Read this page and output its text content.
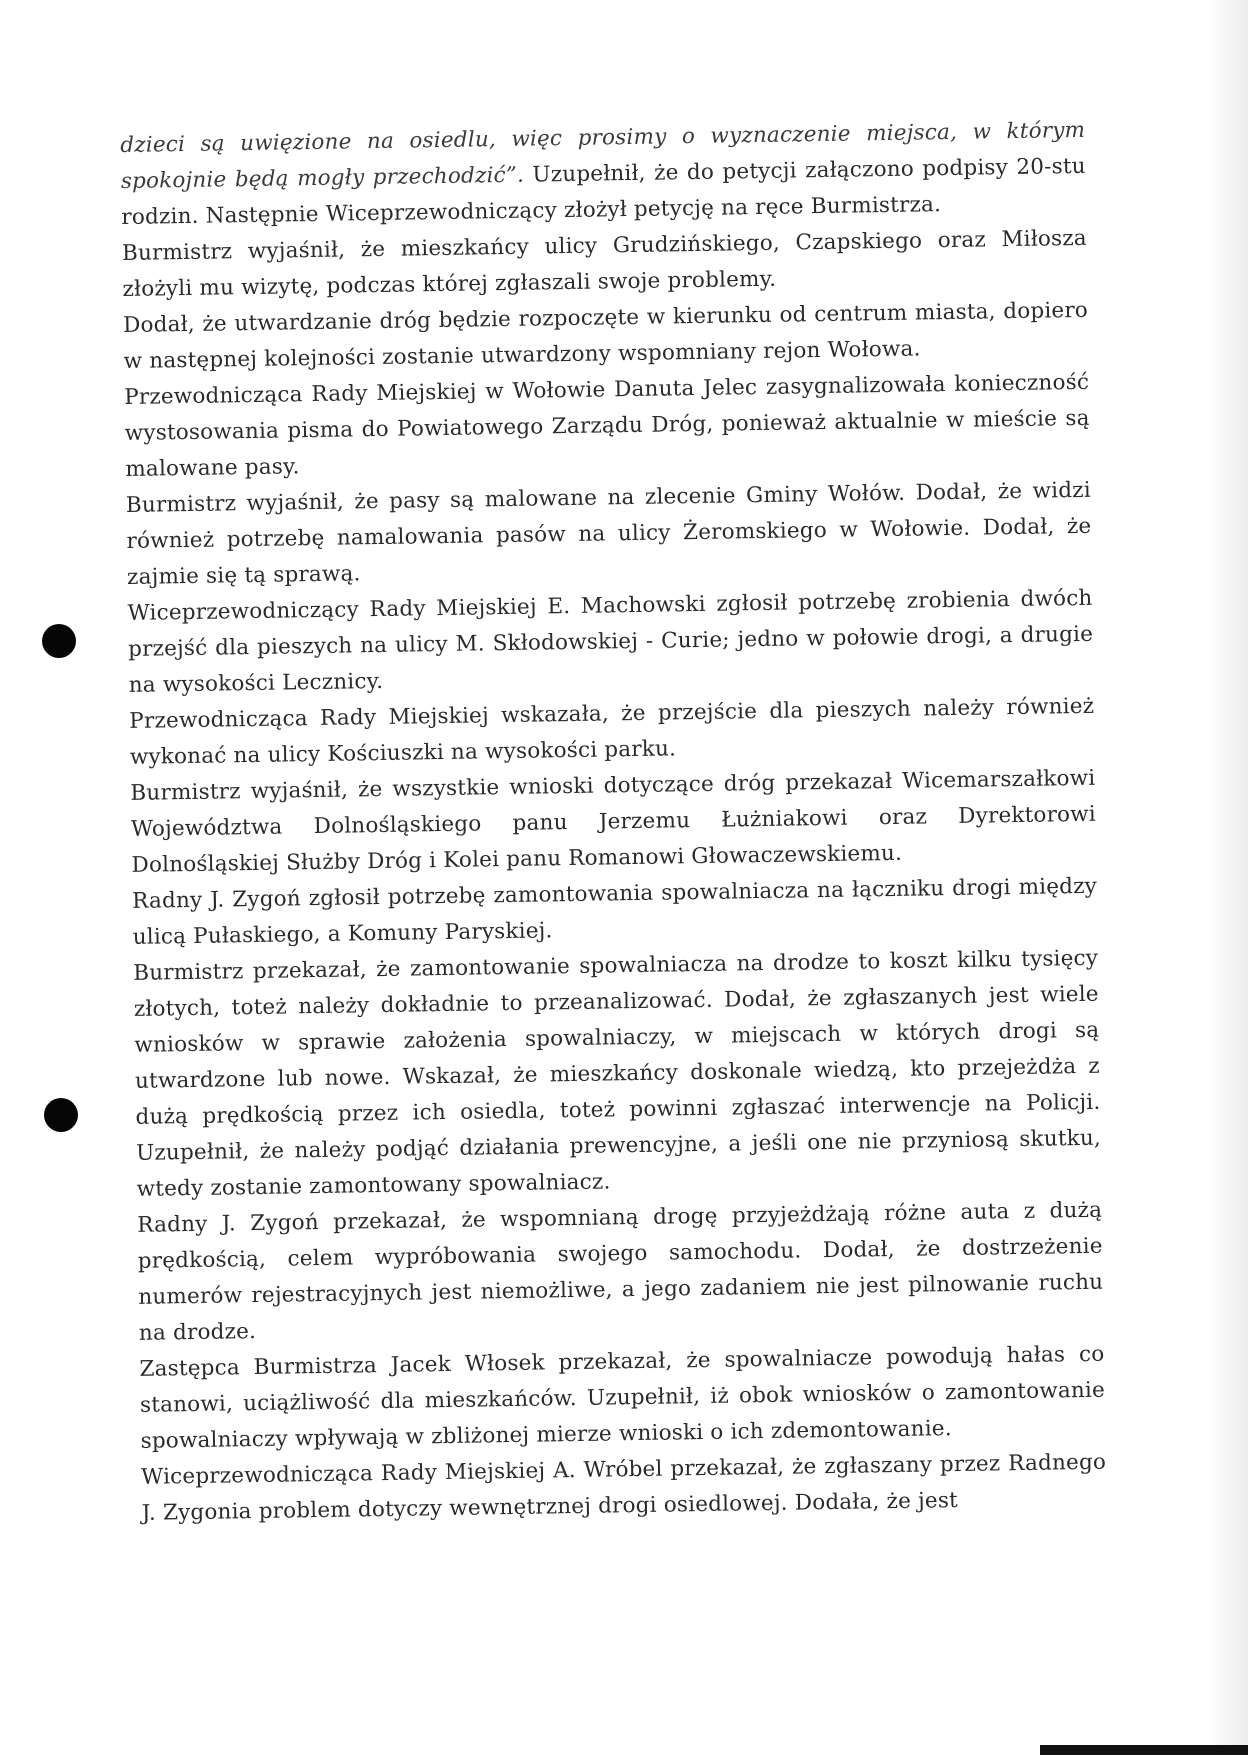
dzieci są uwięzione na osiedlu, więc prosimy o wyznaczenie miejsca, w którym spokojnie będą mogły przechodzić”. Uzupełnił, że do petycji załączono podpisy 20-stu rodzin. Następnie Wiceprzewodniczący złożył petycję na ręce Burmistrza.

Burmistrz wyjaśnił, że mieszkańcy ulicy Grudzińskiego, Czapskiego oraz Miłosza złożyli mu wizytę, podczas której zgłaszali swoje problemy.

Dodał, że utwardzanie dróg będzie rozpoczęte w kierunku od centrum miasta, dopiero w następnej kolejności zostanie utwardzony wspomniany rejon Wołowa.

Przewodnicząca Rady Miejskiej w Wołowie Danuta Jelec zasygnalizowała konieczność wystosowania pisma do Powiatowego Zarządu Dróg, ponieważ aktualnie w mieście są malowane pasy.

Burmistrz wyjaśnił, że pasy są malowane na zlecenie Gminy Wołów. Dodał, że widzi również potrzebę namalowania pasów na ulicy Żeromskiego w Wołowie. Dodał, że zajmie się tą sprawą.

Wiceprzewodniczący Rady Miejskiej E. Machowski zgłosił potrzebę zrobienia dwóch przejść dla pieszych na ulicy M. Skłodowskiej - Curie; jedno w połowie drogi, a drugie na wysokości Lecznicy.

Przewodnicząca Rady Miejskiej wskazała, że przejście dla pieszych należy również wykonać na ulicy Kościuszki na wysokości parku.

Burmistrz wyjaśnił, że wszystkie wnioski dotyczące dróg przekazał Wicemarszałkowi Województwa Dolnośląskiego panu Jerzemu Łużniakowi oraz Dyrektorowi Dolnośląskiej Służby Dróg i Kolei panu Romanowi Głowaczewskiemu.

Radny J. Zygoń zgłosił potrzebę zamontowania spowalniacza na łączniku drogi między ulicą Pułaskiego, a Komuny Paryskiej.

Burmistrz przekazał, że zamontowanie spowalniacza na drodze to koszt kilku tysięcy złotych, toteż należy dokładnie to przeanalizować. Dodał, że zgłaszanych jest wiele wniosków w sprawie założenia spowalniaczy, w miejscach w których drogi są utwardzone lub nowe. Wskazał, że mieszkańcy doskonale wiedzą, kto przejeżdża z dużą prędkością przez ich osiedla, toteż powinni zgłaszać interwencje na Policji. Uzupełnił, że należy podjąć działania prewencyjne, a jeśli one nie przyniosą skutku, wtedy zostanie zamontowany spowalniacz.

Radny J. Zygoń przekazał, że wspomnianą drogę przyjeżdżają różne auta z dużą prędkością, celem wypróbowania swojego samochodu. Dodał, że dostrzeżenie numerów rejestracyjnych jest niemożliwe, a jego zadaniem nie jest pilnowanie ruchu na drodze.

Zastępca Burmistrza Jacek Włosek przekazał, że spowalniacze powodują hałas co stanowi, uciążliwość dla mieszkańców. Uzupełnił, iż obok wniosków o zamontowanie spowalniaczy wpływają w zbliżonej mierze wnioski o ich zdemontowanie.

Wiceprzewodnicząca Rady Miejskiej A. Wróbel przekazał, że zgłaszany przez Radnego J. Zygonia problem dotyczy wewnętrznej drogi osiedlowej. Dodała, że jest
